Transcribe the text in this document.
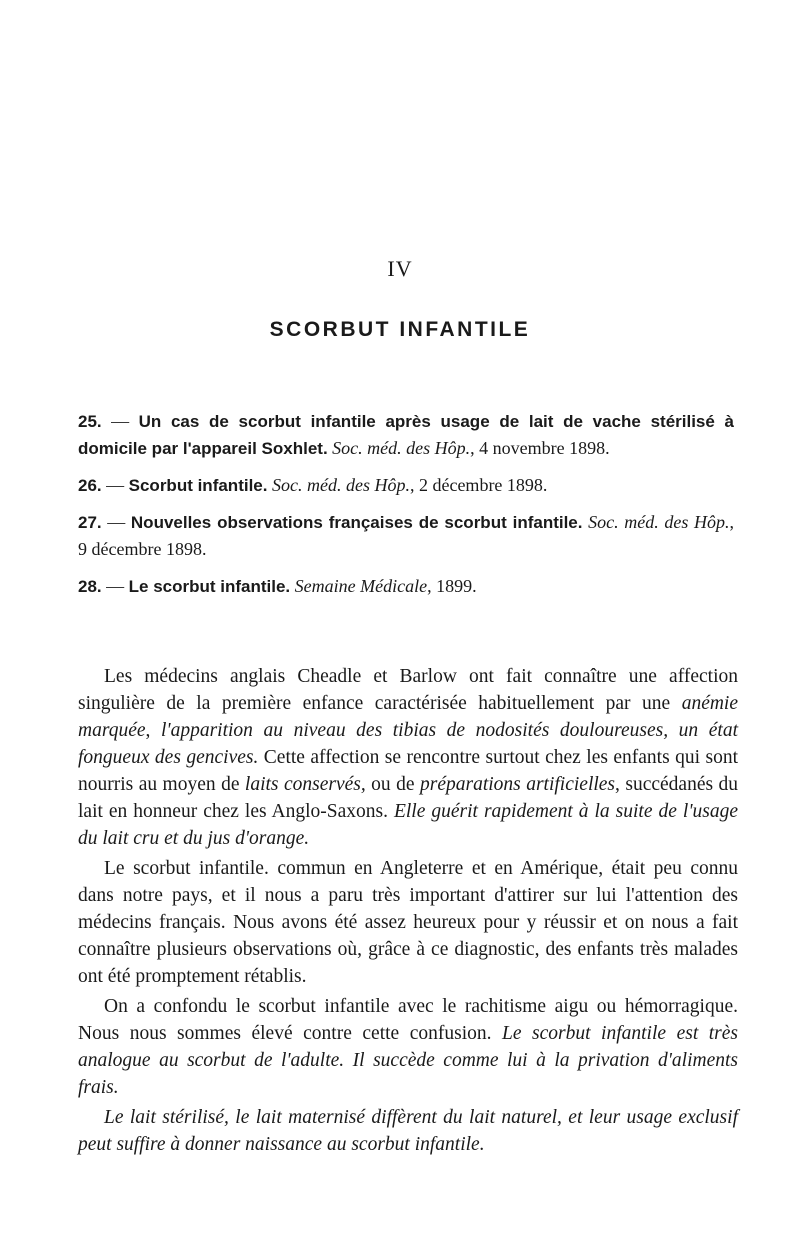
IV
SCORBUT INFANTILE
25. — Un cas de scorbut infantile après usage de lait de vache stérilisé à domicile par l'appareil Soxhlet. Soc. méd. des Hôp., 4 novembre 1898.
26. — Scorbut infantile. Soc. méd. des Hôp., 2 décembre 1898.
27. — Nouvelles observations françaises de scorbut infantile. Soc. méd. des Hôp., 9 décembre 1898.
28. — Le scorbut infantile. Semaine Médicale, 1899.

Les médecins anglais Cheadle et Barlow ont fait connaître une affection singulière de la première enfance caractérisée habituellement par une anémie marquée, l'apparition au niveau des tibias de nodosités douloureuses, un état fongueux des gencives. Cette affection se rencontre surtout chez les enfants qui sont nourris au moyen de laits conservés, ou de préparations artificielles, succédanés du lait en honneur chez les Anglo-Saxons. Elle guérit rapidement à la suite de l'usage du lait cru et du jus d'orange.

Le scorbut infantile. commun en Angleterre et en Amérique, était peu connu dans notre pays, et il nous a paru très important d'attirer sur lui l'attention des médecins français. Nous avons été assez heureux pour y réussir et on nous a fait connaître plusieurs observations où, grâce à ce diagnostic, des enfants très malades ont été promptement rétablis.

On a confondu le scorbut infantile avec le rachitisme aigu ou hémorragique. Nous nous sommes élevé contre cette confusion. Le scorbut infantile est très analogue au scorbut de l'adulte. Il succède comme lui à la privation d'aliments frais.

Le lait stérilisé, le lait maternisé diffèrent du lait naturel, et leur usage exclusif peut suffire à donner naissance au scorbut infantile.
